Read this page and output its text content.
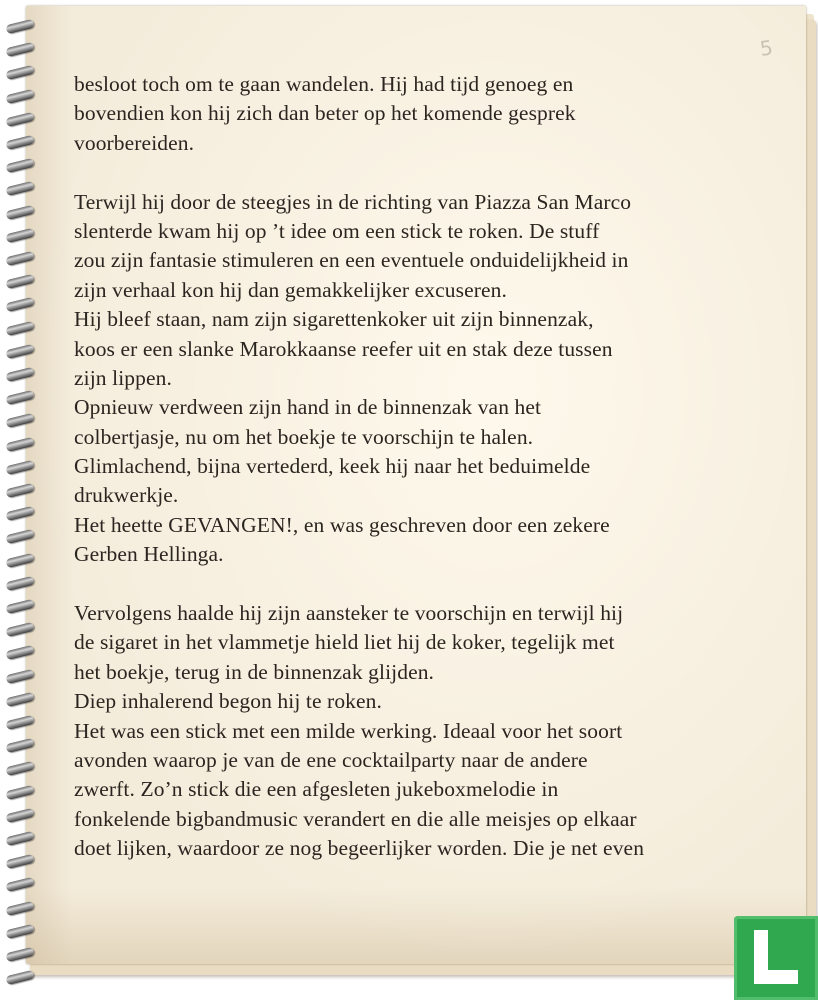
5
besloot toch om te gaan wandelen. Hij had tijd genoeg en
bovendien kon hij zich dan beter op het komende gesprek
voorbereiden.
Terwijl hij door de steegjes in de richting van Piazza San Marco
slenterde kwam hij op ’t idee om een stick te roken. De stuff
zou zijn fantasie stimuleren en een eventuele onduidelijkheid in
zijn verhaal kon hij dan gemakkelijker excuseren.
Hij bleef staan, nam zijn sigarettenkoker uit zijn binnenzak,
koos er een slanke Marokkaanse reefer uit en stak deze tussen
zijn lippen.
Opnieuw verdween zijn hand in de binnenzak van het
colbertjasje, nu om het boekje te voorschijn te halen.
Glimlachend, bijna vertederd, keek hij naar het beduimelde
drukwerkje.
Het heette GEVANGEN!, en was geschreven door een zekere
Gerben Hellinga.
Vervolgens haalde hij zijn aansteker te voorschijn en terwijl hij
de sigaret in het vlammetje hield liet hij de koker, tegelijk met
het boekje, terug in de binnenzak glijden.
Diep inhalerend begon hij te roken.
Het was een stick met een milde werking. Ideaal voor het soort
avonden waarop je van de ene cocktailparty naar de andere
zwerft. Zo’n stick die een afgesleten jukeboxmelodie in
fonkelende bigbandmusic verandert en die alle meisjes op elkaar
doet lijken, waardoor ze nog begeerlijker worden. Die je net even
